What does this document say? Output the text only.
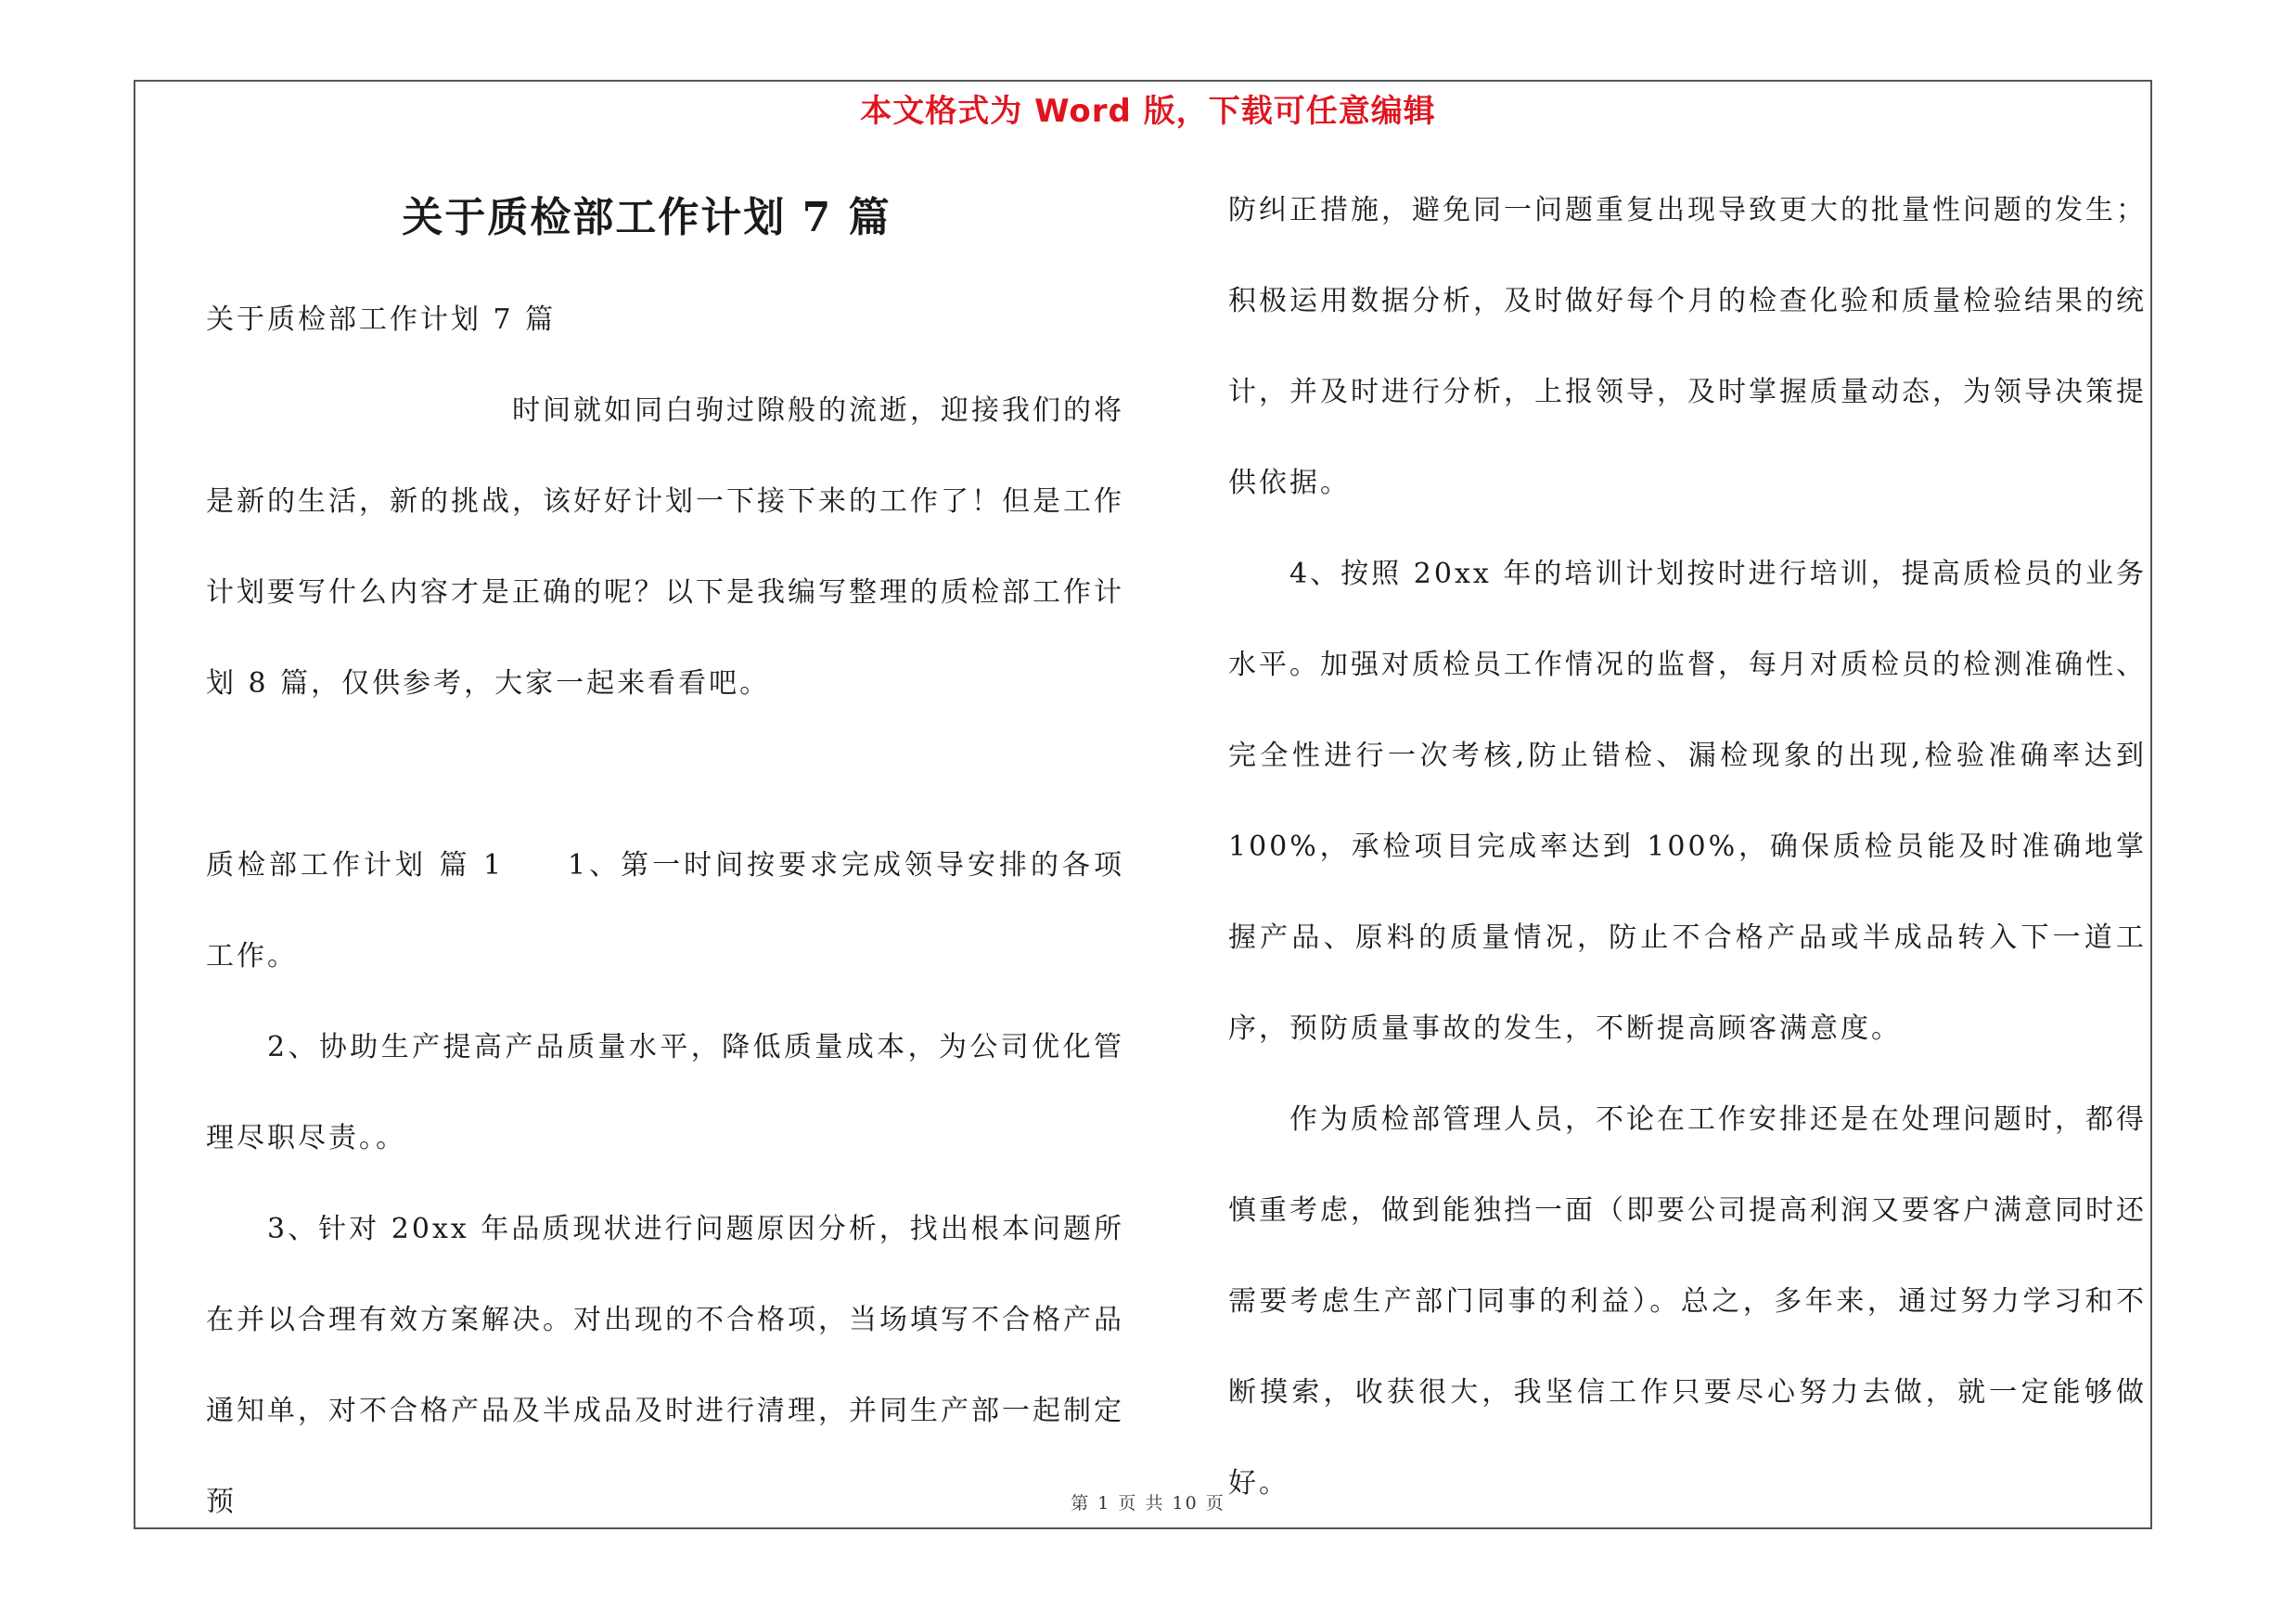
本文格式为 Word 版，下载可任意编辑
关于质检部工作计划 7 篇

关于质检部工作计划 7 篇

时间就如同白驹过隙般的流逝，迎接我们的将是新的生活，新的挑战，该好好计划一下接下来的工作了！但是工作计划要写什么内容才是正确的呢？以下是我编写整理的质检部工作计划 8 篇，仅供参考，大家一起来看看吧。

质检部工作计划 篇 1　　1、第一时间按要求完成领导安排的各项工作。

2、协助生产提高产品质量水平，降低质量成本，为公司优化管理尽职尽责。。

3、针对 20xx 年品质现状进行问题原因分析，找出根本问题所在并以合理有效方案解决。对出现的不合格项，当场填写不合格产品通知单，对不合格产品及半成品及时进行清理，并同生产部一起制定预

防纠正措施，避免同一问题重复出现导致更大的批量性问题的发生；积极运用数据分析，及时做好每个月的检查化验和质量检验结果的统计，并及时进行分析，上报领导，及时掌握质量动态，为领导决策提供依据。

4、按照 20xx 年的培训计划按时进行培训，提高质检员的业务水平。加强对质检员工作情况的监督，每月对质检员的检测准确性、完全性进行一次考核,防止错检、漏检现象的出现,检验准确率达到100%，承检项目完成率达到 100%，确保质检员能及时准确地掌握产品、原料的质量情况，防止不合格产品或半成品转入下一道工序，预防质量事故的发生，不断提高顾客满意度。

作为质检部管理人员，不论在工作安排还是在处理问题时，都得慎重考虑，做到能独挡一面（即要公司提高利润又要客户满意同时还需要考虑生产部门同事的利益）。总之，多年来，通过努力学习和不断摸索，收获很大，我坚信工作只要尽心努力去做，就一定能够做好。

第 1 页 共 10 页
